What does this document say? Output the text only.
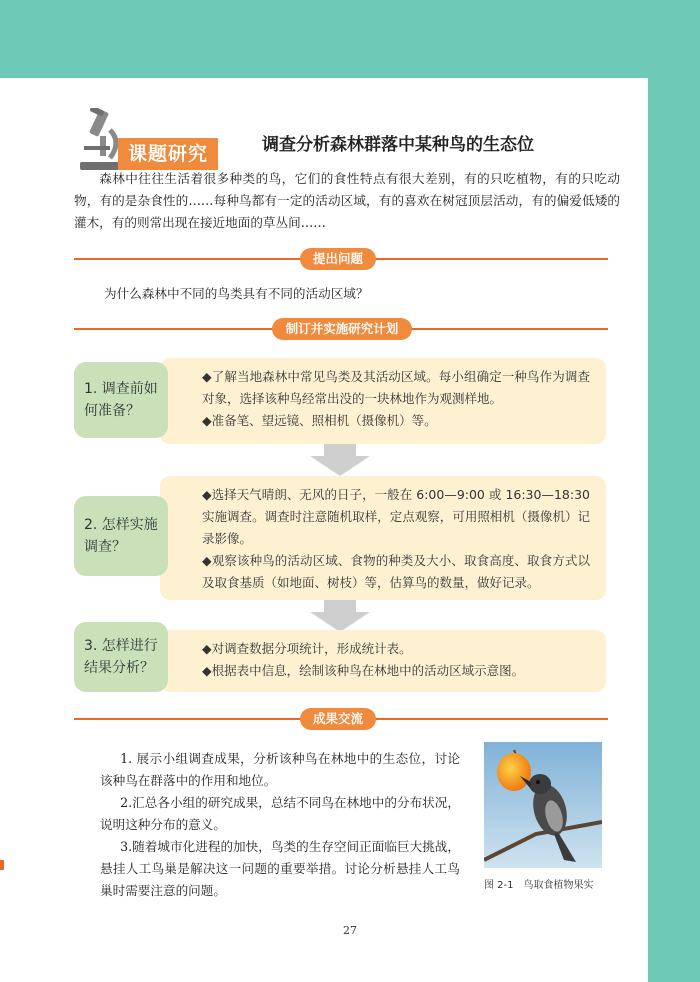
课题研究	调查分析森林群落中某种鸟的生态位

森林中往往生活着很多种类的鸟，它们的食性特点有很大差别，有的只吃植物，有的只吃动物，有的是杂食性的……每种鸟都有一定的活动区域，有的喜欢在树冠顶层活动，有的偏爱低矮的灌木，有的则常出现在接近地面的草丛间……

提出问题
为什么森林中不同的鸟类具有不同的活动区域？
制订并实施研究计划

◆了解当地森林中常见鸟类及其活动区域。每小组确定一种鸟作为调查对象，选择该种鸟经常出没的一块林地作为观测样地。

◆准备笔、望远镜、照相机（摄像机）等。

1. 调查前如何准备？

◆选择天气晴朗、无风的日子，一般在 6:00—9:00 或 16:30—18:30 实施调查。调查时注意随机取样，定点观察，可用照相机（摄像机）记录影像。

◆观察该种鸟的活动区域、食物的种类及大小、取食高度、取食方式以及取食基质（如地面、树枝）等，估算鸟的数量，做好记录。

2. 怎样实施调查？

◆对调查数据分项统计，形成统计表。

◆根据表中信息，绘制该种鸟在林地中的活动区域示意图。

3. 怎样进行结果分析？
成果交流

1. 展示小组调查成果，分析该种鸟在林地中的生态位，讨论该种鸟在群落中的作用和地位。

2.汇总各小组的研究成果，总结不同鸟在林地中的分布状况，说明这种分布的意义。

3.随着城市化进程的加快，鸟类的生存空间正面临巨大挑战，悬挂人工鸟巢是解决这一问题的重要举措。讨论分析悬挂人工鸟巢时需要注意的问题。	图 2-1　鸟取食植物果实
27
